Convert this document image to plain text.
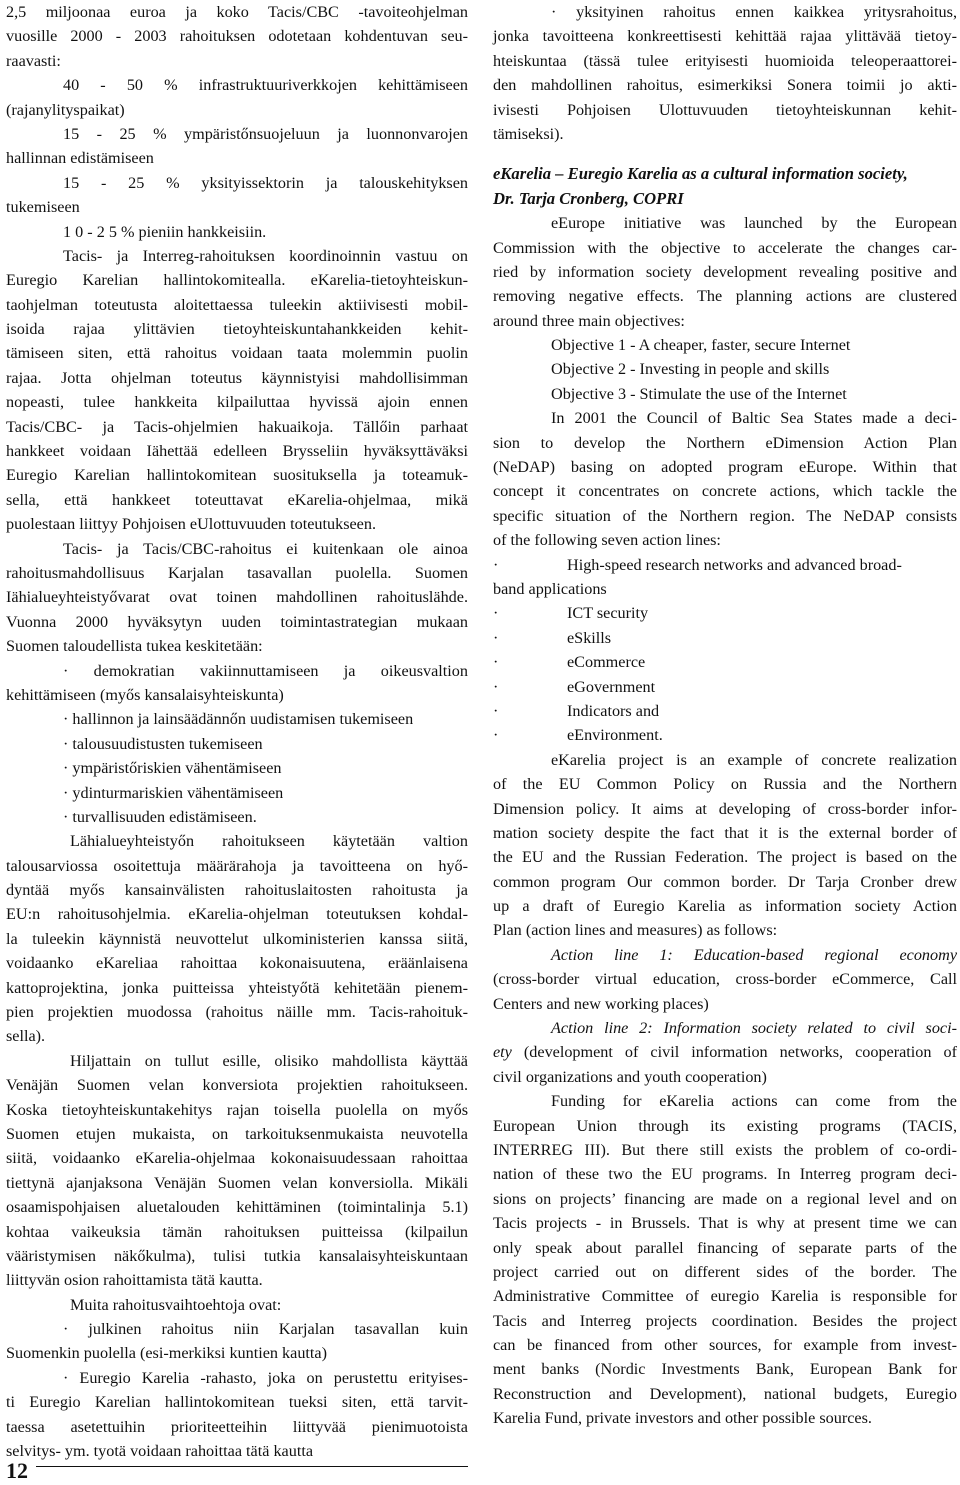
2,5 miljoonaa euroa ja koko Tacis/CBC -tavoiteohjelman
vuosille 2000 - 2003 rahoituksen odotetaan kohdentuvan seu-
raavasti:
40 - 50 % infrastruktuuriverkkojen kehittämiseen
(rajanylityspaikat)
15 - 25 % ympäristőnsuojeluun ja luonnonvarojen
hallinnan edistämiseen
15 - 25 % yksityissektorin ja talouskehityksen
tukemiseen
1 0 - 2 5 % pieniin hankkeisiin.
Tacis- ja Interreg-rahoituksen koordinoinnin vastuu on
Euregio Karelian hallintokomitealla. eKarelia-tietoyhteiskun-
taohjelman toteutusta aloitettaessa tuleekin aktiivisesti mobil-
isoida rajaa ylittävien tietoyhteiskuntahankkeiden kehit-
tämiseen siten, että rahoitus voidaan taata molemmin puolin
rajaa. Jotta ohjelman toteutus käynnistyisi mahdollisimman
nopeasti, tulee hankkeita kilpailuttaa hyvissä ajoin ennen
Tacis/CBC- ja Tacis-ohjelmien hakuaikoja. Tällőin parhaat
hankkeet voidaan Iähettää edelleen Brysseliin hyväksyttäväksi
Euregio Karelian hallintokomitean suosituksella ja toteamuk-
sella, että hankkeet toteuttavat eKarelia-ohjelmaa, mikä
puolestaan liittyy Pohjoisen eUlottuvuuden toteutukseen.
Tacis- ja Tacis/CBC-rahoitus ei kuitenkaan ole ainoa
rahoitusmahdollisuus Karjalan tasavallan puolella. Suomen
Iähialueyhteistyővarat ovat toinen mahdollinen rahoituslähde.
Vuonna 2000 hyväksytyn uuden toimintastrategian mukaan
Suomen taloudellista tukea keskitetään:
· demokratian vakiinnuttamiseen ja oikeusvaltion
kehittämiseen (myős kansalaisyhteiskunta)
· hallinnon ja lainsäädännőn uudistamisen tukemiseen
· talousuudistusten tukemiseen
· ympäristőriskien vähentämiseen
· ydinturmariskien vähentämiseen
· turvallisuuden edistämiseen.
Lähialueyhteistyőn rahoitukseen käytetään valtion
talousarviossa osoitettuja määrärahoja ja tavoitteena on hyő-
dyntää myős kansainvälisten rahoituslaitosten rahoitusta ja
EU:n rahoitusohjelmia. eKarelia-ohjelman toteutuksen kohdal-
la tuleekin käynnistä neuvottelut ulkoministerien kanssa siitä,
voidaanko eKareliaa rahoittaa kokonaisuutena, eräänlaisena
kattoprojektina, jonka puitteissa yhteistyőtä kehitetään pienem-
pien projektien muodossa (rahoitus näille mm. Tacis-rahoituk-
sella).
Hiljattain on tullut esille, olisiko mahdollista käyttää
Venäjän Suomen velan konversiota projektien rahoitukseen.
Koska tietoyhteiskuntakehitys rajan toisella puolella on myős
Suomen etujen mukaista, on tarkoituksenmukaista neuvotella
siitä, voidaanko eKarelia-ohjelmaa kokonaisuudessaan rahoittaa
tiettynä ajanjaksona Venäjän Suomen velan konversiolla. Mikäli
osaamispohjaisen aluetalouden kehittäminen (toimintalinja 5.1)
kohtaa vaikeuksia tämän rahoituksen puitteissa (kilpailun
vääristymisen näkőkulma), tulisi tutkia kansalaisyhteiskuntaan
liittyvän osion rahoittamista tätä kautta.
Muita rahoitusvaihtoehtoja ovat:
· julkinen rahoitus niin Karjalan tasavallan kuin
Suomenkin puolella (esi-merkiksi kuntien kautta)
· Euregio Karelia -rahasto, joka on perustettu erityises-
ti Euregio Karelian hallintokomitean tueksi siten, että tarvit-
taessa asetettuihin prioriteetteihin liittyvää pienimuotoista
selvitys- ym. tyotä voidaan rahoittaa tätä kautta
· yksityinen rahoitus ennen kaikkea yritysrahoitus,
jonka tavoitteena konkreettisesti kehittää rajaa ylittävää tietoy-
hteiskuntaa (tässä tulee erityisesti huomioida teleoperaattorei-
den mahdollinen rahoitus, esimerkiksi Sonera toimii jo akti-
ivisesti Pohjoisen Ulottuvuuden tietoyhteiskunnan kehit-
tämiseksi).
eKarelia – Euregio Karelia as a cultural information society,
Dr. Tarja Cronberg, COPRI
eEurope initiative was launched by the European
Commission with the objective to accelerate the changes car-
ried by information society development revealing positive and
removing negative effects. The planning actions are clustered
around three main objectives:
Objective 1 - A cheaper, faster, secure Internet
Objective 2 - Investing in people and skills
Objective 3 - Stimulate the use of the Internet
In 2001 the Council of Baltic Sea States made a deci-
sion to develop the Northern eDimension Action Plan
(NeDAP) basing on adopted program eEurope. Within that
concept it concentrates on concrete actions, which tackle the
specific situation of the Northern region. The NeDAP consists
of the following seven action lines:
·	High-speed research networks and advanced broad-
band applications
·	ICT security
·	eSkills
·	eCommerce
·	eGovernment
·	Indicators and
·	eEnvironment.
eKarelia project is an example of concrete realization
of the EU Common Policy on Russia and the Northern
Dimension policy. It aims at developing of cross-border infor-
mation society despite the fact that it is the external border of
the EU and the Russian Federation. The project is based on the
common program Our common border. Dr Tarja Cronber drew
up a draft of Euregio Karelia as information society Action
Plan (action lines and measures) as follows:
Action line 1: Education-based regional economy
(cross-border virtual education, cross-border eCommerce, Call
Centers and new working places)
Action line 2: Information society related to civil soci-
ety (development of civil information networks, cooperation of
civil organizations and youth cooperation)
Funding for eKarelia actions can come from the
European Union through its existing programs (TACIS,
INTERREG III). But there still exists the problem of co-ordi-
nation of these two the EU programs. In Interreg program deci-
sions on projects’ financing are made on a regional level and on
Tacis projects - in Brussels. That is why at present time we can
only speak about parallel financing of separate parts of the
project carried out on different sides of the border. The
Administrative Committee of euregio Karelia is responsible for
Tacis and Interreg projects coordination. Besides the project
can be financed from other sources, for example from invest-
ment banks (Nordic Investments Bank, European Bank for
Reconstruction and Development), national budgets, Euregio
Karelia Fund, private investors and other possible sources.
12
